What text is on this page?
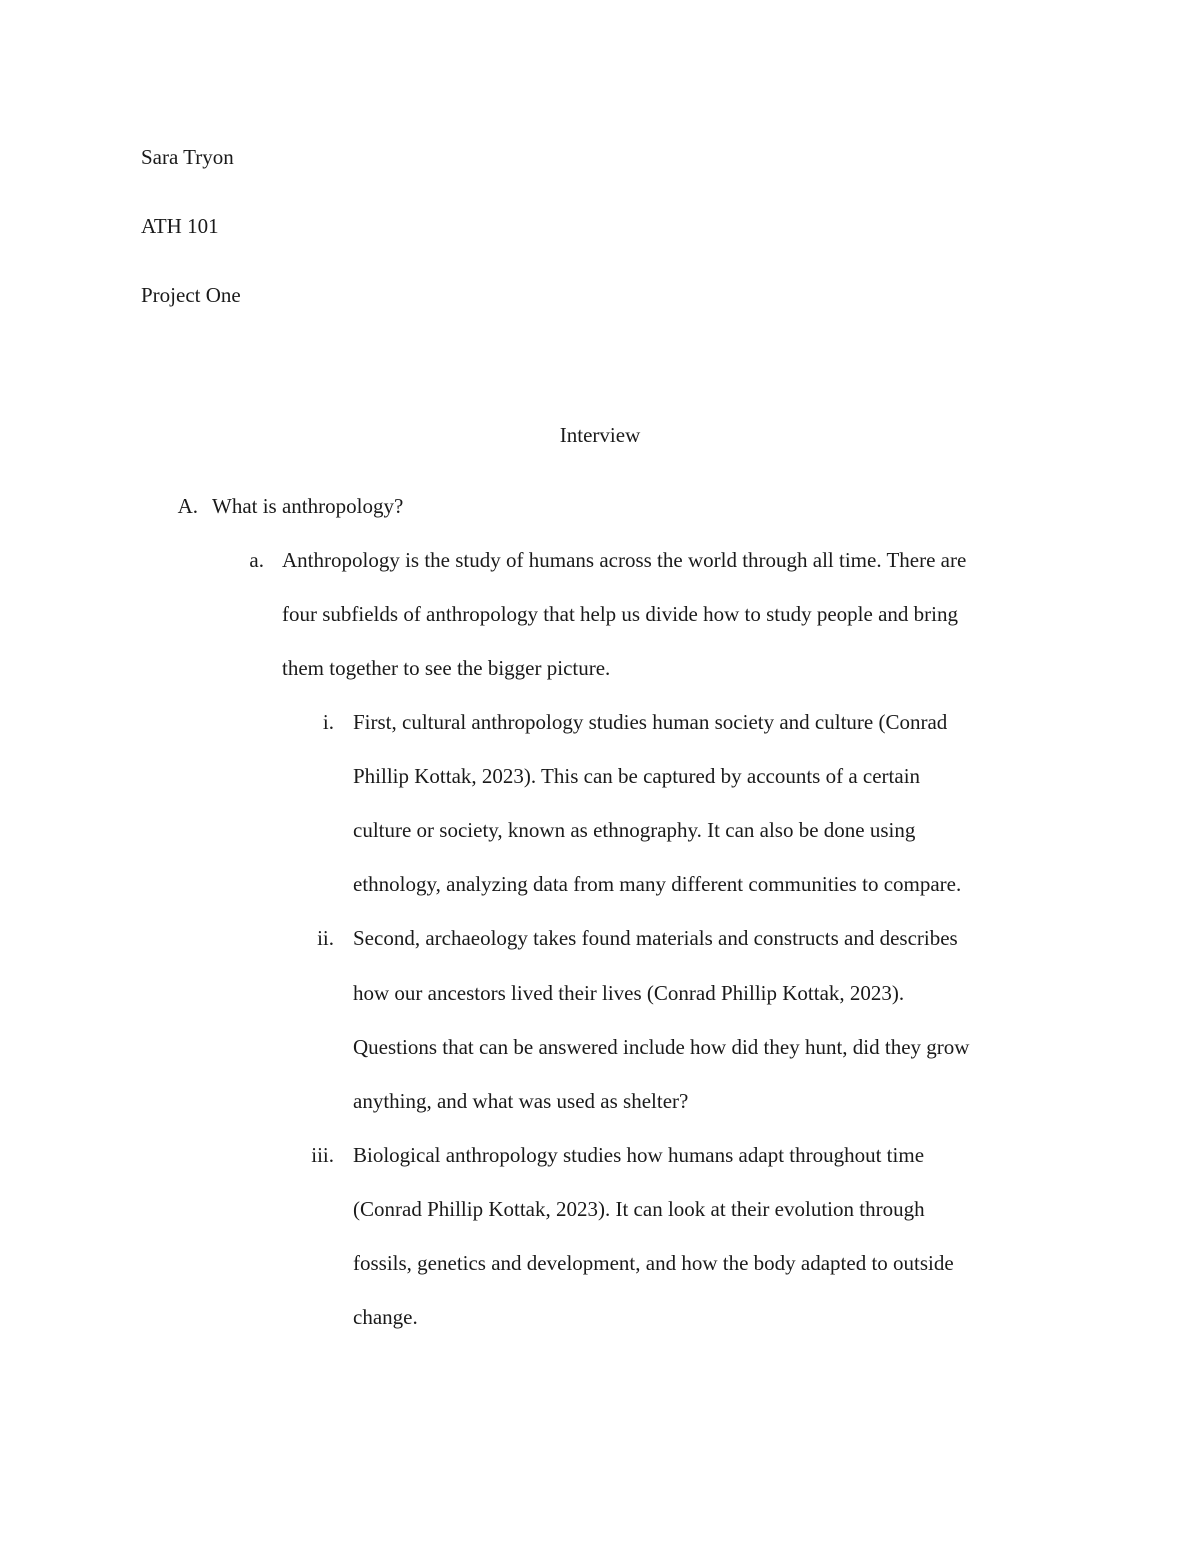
Sara Tryon
ATH 101
Project One
Interview
A. What is anthropology?
a. Anthropology is the study of humans across the world through all time. There are
four subfields of anthropology that help us divide how to study people and bring
them together to see the bigger picture.
i. First, cultural anthropology studies human society and culture (Conrad
Phillip Kottak, 2023). This can be captured by accounts of a certain
culture or society, known as ethnography. It can also be done using
ethnology, analyzing data from many different communities to compare.
ii. Second, archaeology takes found materials and constructs and describes
how our ancestors lived their lives (Conrad Phillip Kottak, 2023).
Questions that can be answered include how did they hunt, did they grow
anything, and what was used as shelter?
iii. Biological anthropology studies how humans adapt throughout time
(Conrad Phillip Kottak, 2023). It can look at their evolution through
fossils, genetics and development, and how the body adapted to outside
change.
